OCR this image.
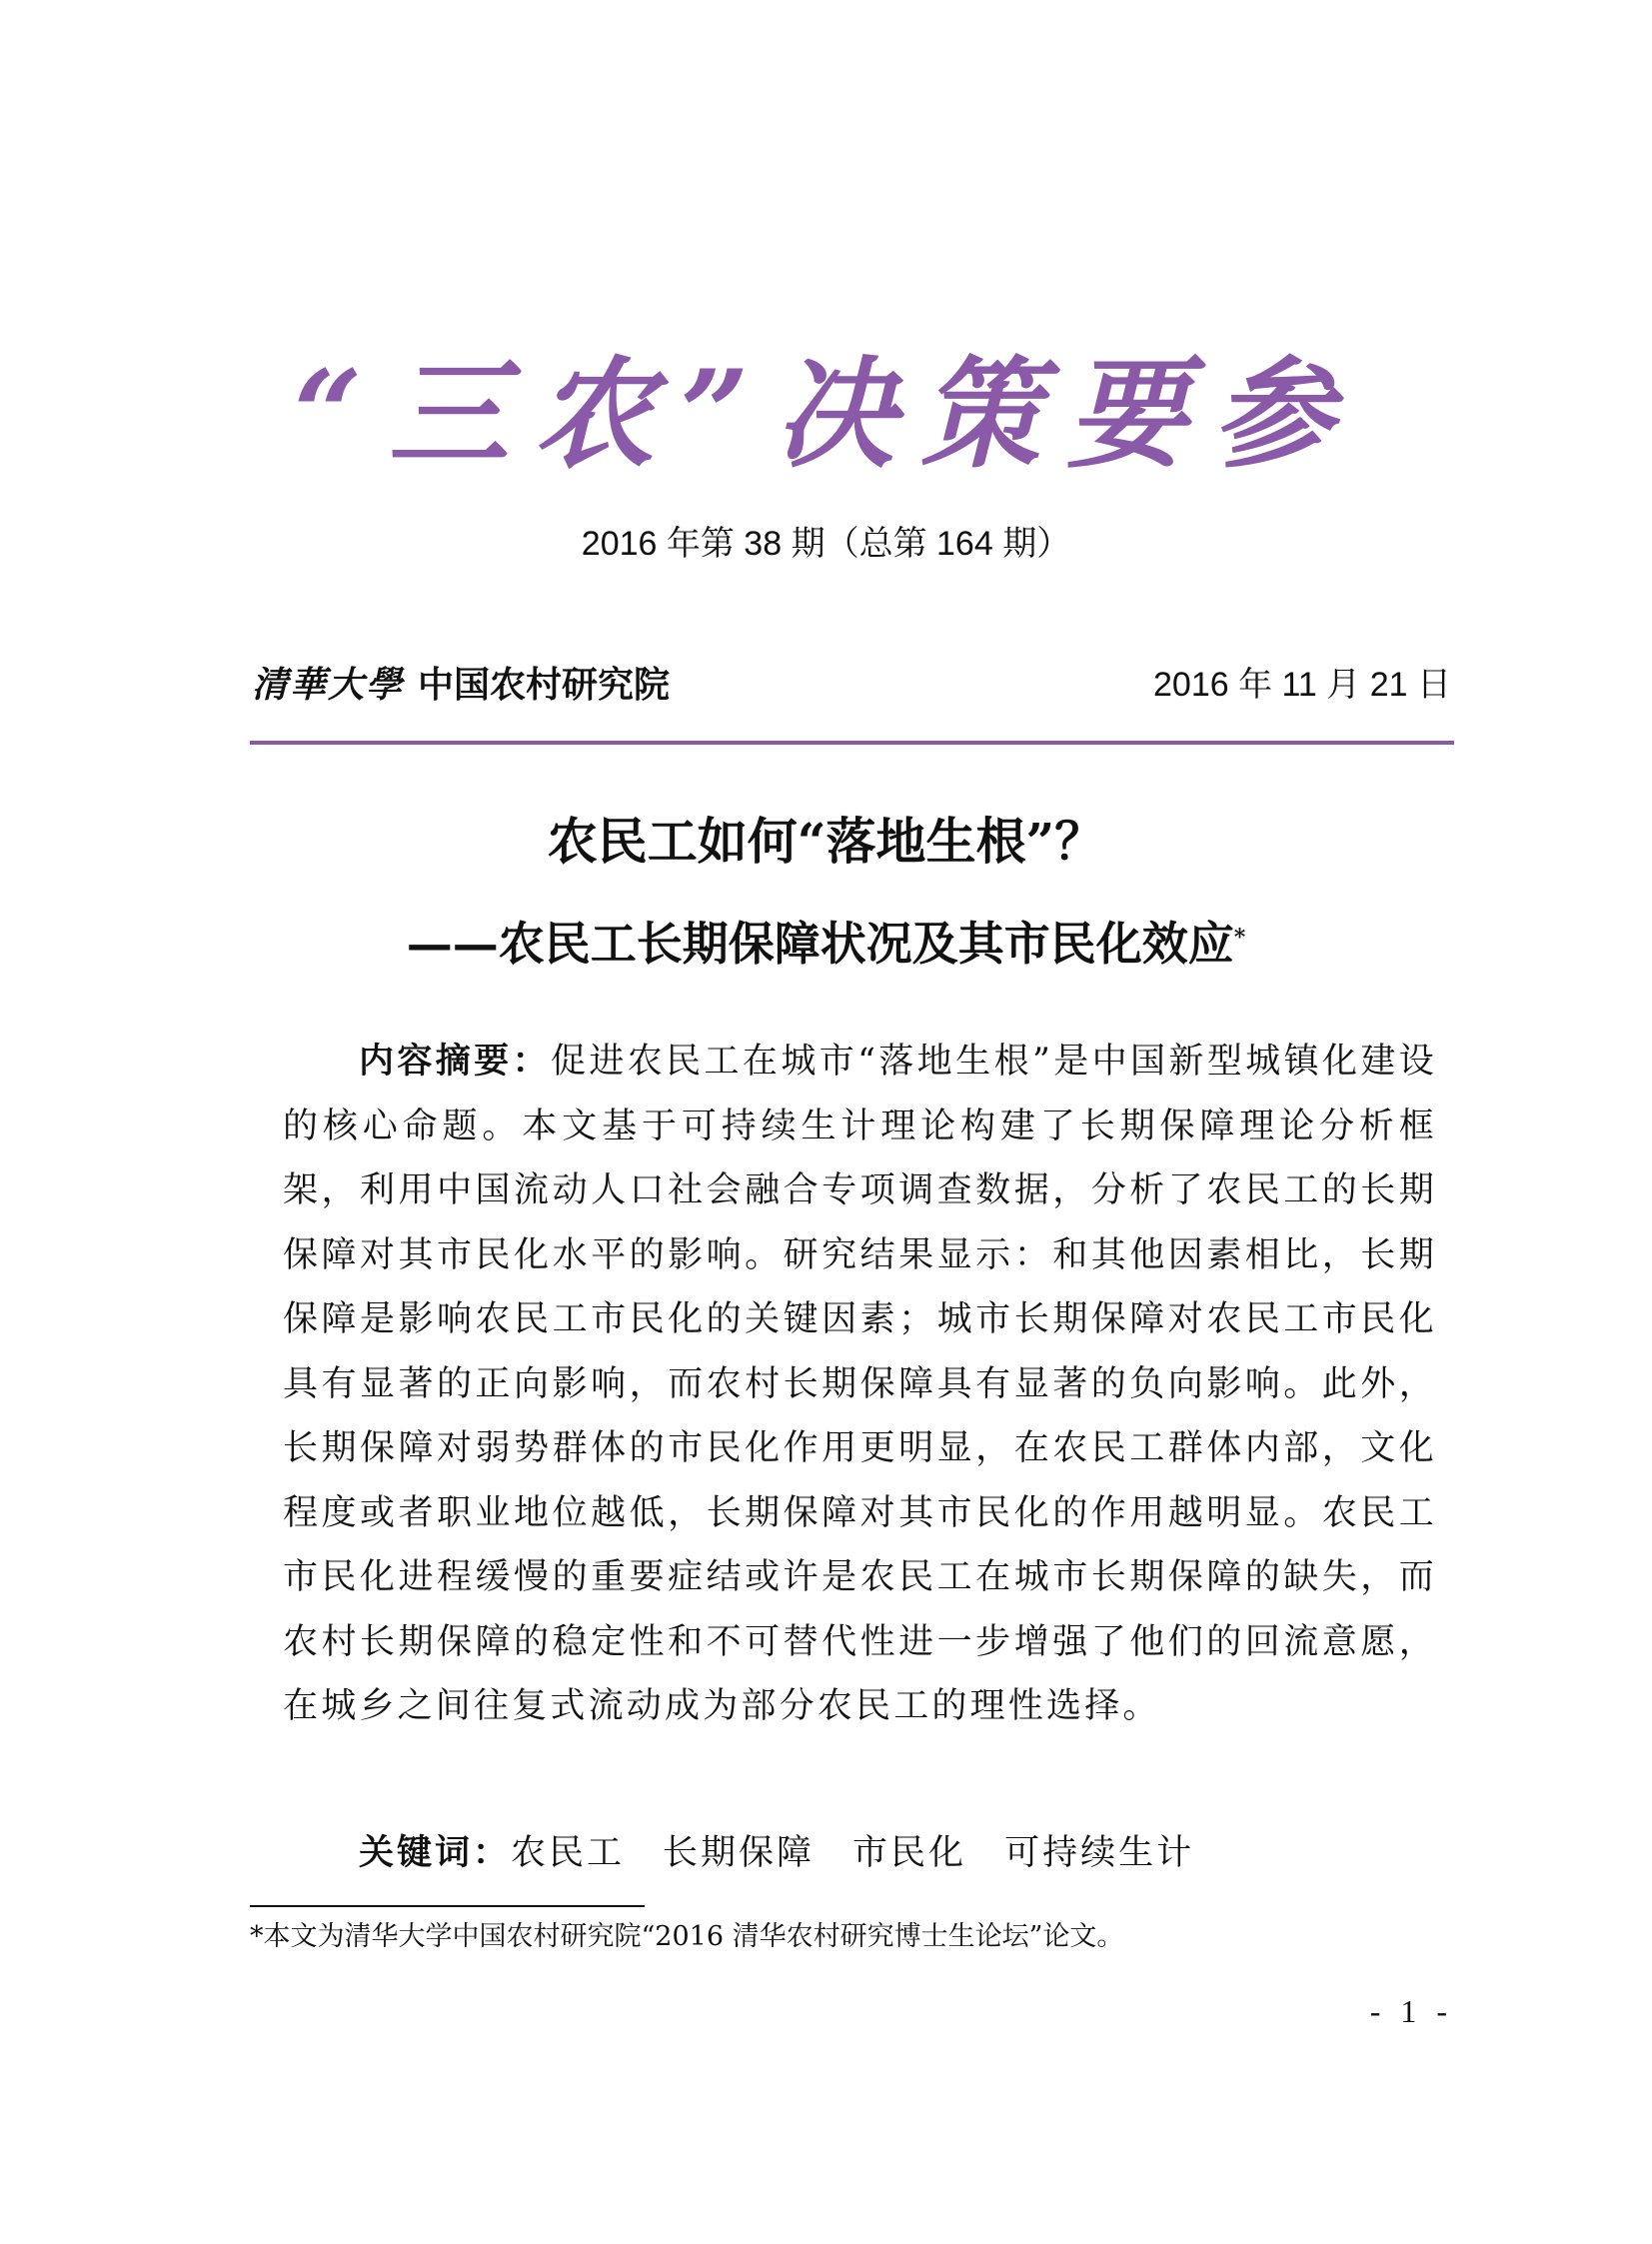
“三农”决策要参
2016 年第 38 期（总第 164 期）
清華大學 中国农村研究院	2016 年 11 月 21 日
农民工如何“落地生根”？
——农民工长期保障状况及其市民化效应*
内容摘要：促进农民工在城市“落地生根”是中国新型城镇化建设的核心命题。本文基于可持续生计理论构建了长期保障理论分析框架，利用中国流动人口社会融合专项调查数据，分析了农民工的长期保障对其市民化水平的影响。研究结果显示：和其他因素相比，长期保障是影响农民工市民化的关键因素；城市长期保障对农民工市民化具有显著的正向影响，而农村长期保障具有显著的负向影响。此外，长期保障对弱势群体的市民化作用更明显，在农民工群体内部，文化程度或者职业地位越低，长期保障对其市民化的作用越明显。农民工市民化进程缓慢的重要症结或许是农民工在城市长期保障的缺失，而农村长期保障的稳定性和不可替代性进一步增强了他们的回流意愿，在城乡之间往复式流动成为部分农民工的理性选择。
关键词：农民工 长期保障 市民化 可持续生计
*本文为清华大学中国农村研究院“2016 清华农村研究博士生论坛”论文。
- 1 -
